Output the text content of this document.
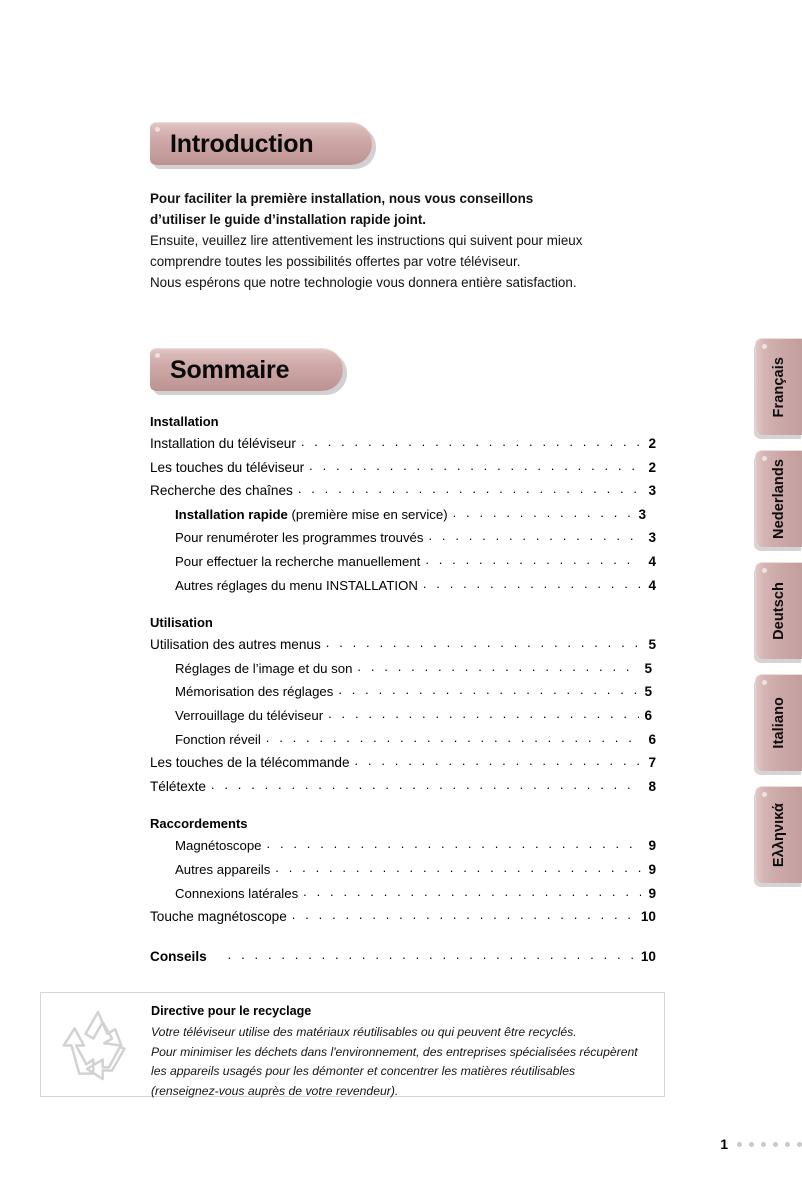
Introduction
Pour faciliter la première installation, nous vous conseillons
d’utiliser le guide d’installation rapide joint.
Ensuite, veuillez lire attentivement les instructions qui suivent pour mieux
comprendre toutes les possibilités offertes par votre téléviseur.
Nous espérons que notre technologie vous donnera entière satisfaction.
Sommaire
Installation
Installation du téléviseur . . .	2
Les touches du téléviseur . . .	2
Recherche des chaînes . . .	3
Installation rapide (première mise en service) . . .	3
Pour renuméroter les programmes trouvés . . .	3
Pour effectuer la recherche manuellement . . .	4
Autres réglages du menu INSTALLATION . . .	4
Utilisation
Utilisation des autres menus . . .	5
Réglages de l’image et du son . . .	5
Mémorisation des réglages . . .	5
Verrouillage du téléviseur . . .	6
Fonction réveil . . .	6
Les touches de la télécommande . . .	7
Télétexte . . .	8
Raccordements
Magnétoscope . . .	9
Autres appareils . . .	9
Connexions latérales . . .	9
Touche magnétoscope . . .	10
Conseils . . .	10
Directive pour le recyclage
Votre téléviseur utilise des matériaux réutilisables ou qui peuvent être recyclés.
Pour minimiser les déchets dans l'environnement, des entreprises spécialisées récupèrent
les appareils usagés pour les démonter et concentrer les matières réutilisables
(renseignez-vous auprès de votre revendeur).
Français
Nederlands
Deutsch
Italiano
Ελληνικά
1
